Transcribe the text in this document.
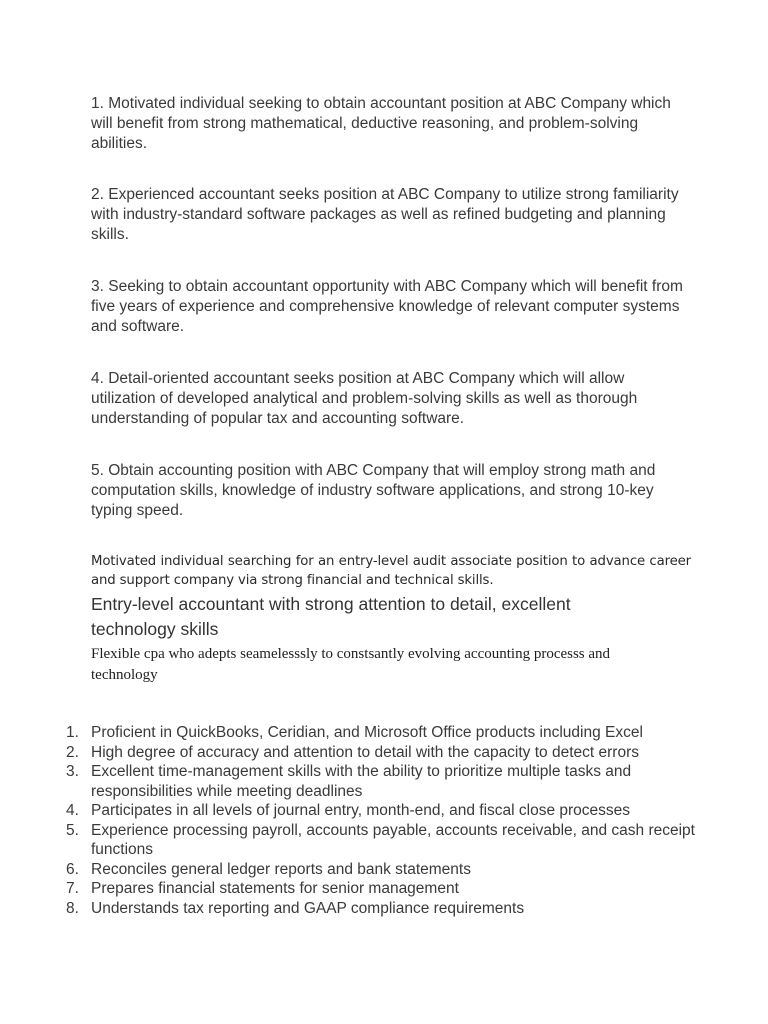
1. Motivated individual seeking to obtain accountant position at ABC Company which will benefit from strong mathematical, deductive reasoning, and problem-solving abilities.

2. Experienced accountant seeks position at ABC Company to utilize strong familiarity with industry-standard software packages as well as refined budgeting and planning skills.

3. Seeking to obtain accountant opportunity with ABC Company which will benefit from five years of experience and comprehensive knowledge of relevant computer systems and software.

4. Detail-oriented accountant seeks position at ABC Company which will allow utilization of developed analytical and problem-solving skills as well as thorough understanding of popular tax and accounting software.

5. Obtain accounting position with ABC Company that will employ strong math and computation skills, knowledge of industry software applications, and strong 10-key typing speed.

Motivated individual searching for an entry-level audit associate position to advance career and support company via strong financial and technical skills.

Entry-level accountant with strong attention to detail, excellent technology skills

Flexible cpa who adepts seamelesssly to constsantly evolving accounting processs and technology

1. Proficient in QuickBooks, Ceridian, and Microsoft Office products including Excel
2. High degree of accuracy and attention to detail with the capacity to detect errors
3. Excellent time-management skills with the ability to prioritize multiple tasks and responsibilities while meeting deadlines
4. Participates in all levels of journal entry, month-end, and fiscal close processes
5. Experience processing payroll, accounts payable, accounts receivable, and cash receipt functions
6. Reconciles general ledger reports and bank statements
7. Prepares financial statements for senior management
8. Understands tax reporting and GAAP compliance requirements
